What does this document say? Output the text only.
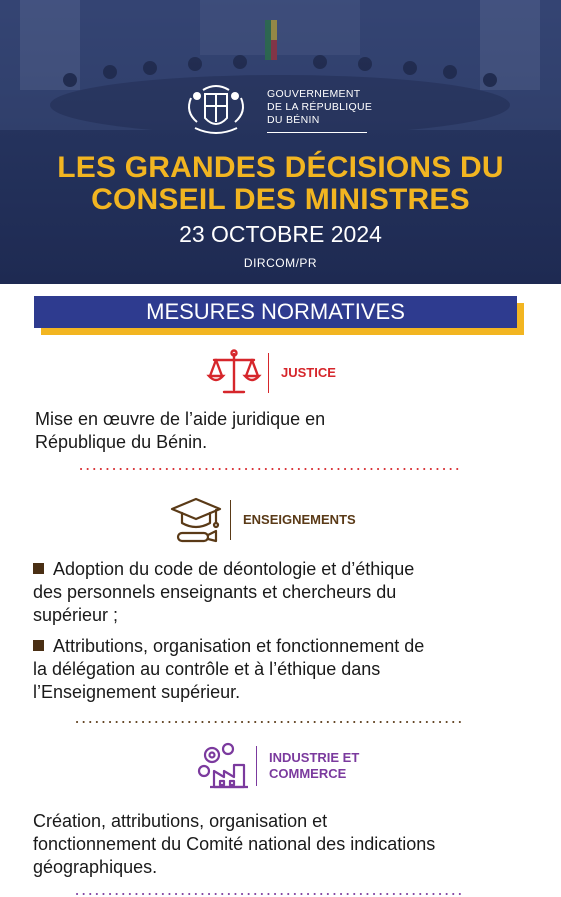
GOUVERNEMENT
DE LA RÉPUBLIQUE
DU BÉNIN
LES GRANDES DÉCISIONS DU
CONSEIL DES MINISTRES
23 OCTOBRE 2024
DIRCOM/PR
MESURES NORMATIVES
JUSTICE
Mise en œuvre de l’aide juridique en
République du Bénin.
ENSEIGNEMENTS
Adoption du code de déontologie et d’éthique
des personnels enseignants et chercheurs du
supérieur ;
Attributions, organisation et fonctionnement de
la délégation au contrôle et à l’éthique dans
l’Enseignement supérieur.
INDUSTRIE ET
COMMERCE
Création, attributions, organisation et
fonctionnement du Comité national des indications
géographiques.
